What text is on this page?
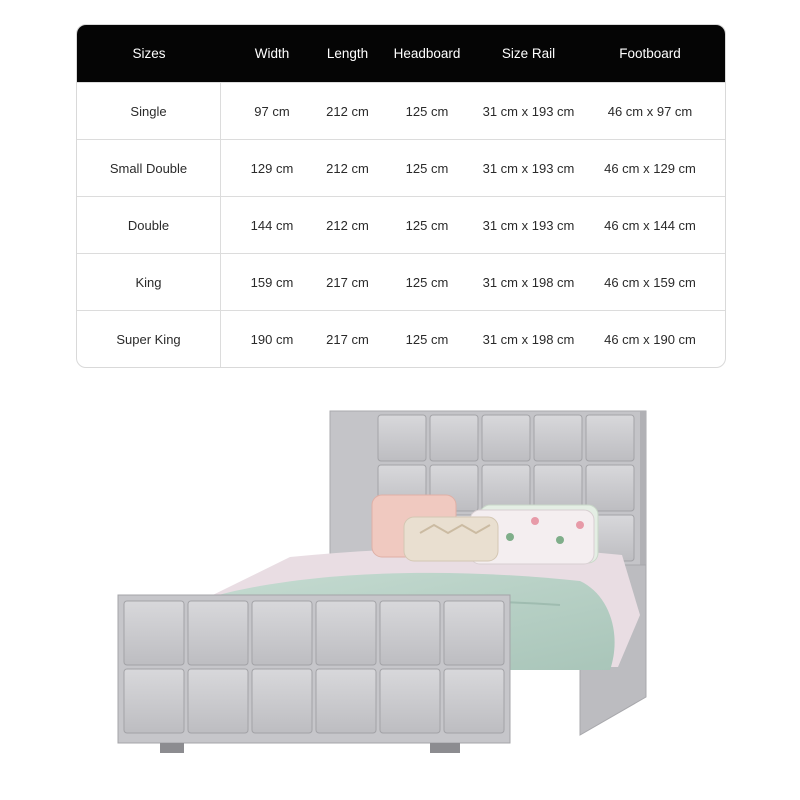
Sizes	Width	Length	Headboard	Size Rail	Footboard
Single	97 cm	212 cm	125 cm	31 cm x 193 cm	46 cm x 97 cm
Small Double	129 cm	212 cm	125 cm	31 cm x 193 cm	46 cm x 129 cm
Double	144 cm	212 cm	125 cm	31 cm x 193 cm	46 cm x 144 cm
King	159 cm	217 cm	125 cm	31 cm x 198 cm	46 cm x 159 cm
Super King	190 cm	217 cm	125 cm	31 cm x 198 cm	46 cm x 190 cm
